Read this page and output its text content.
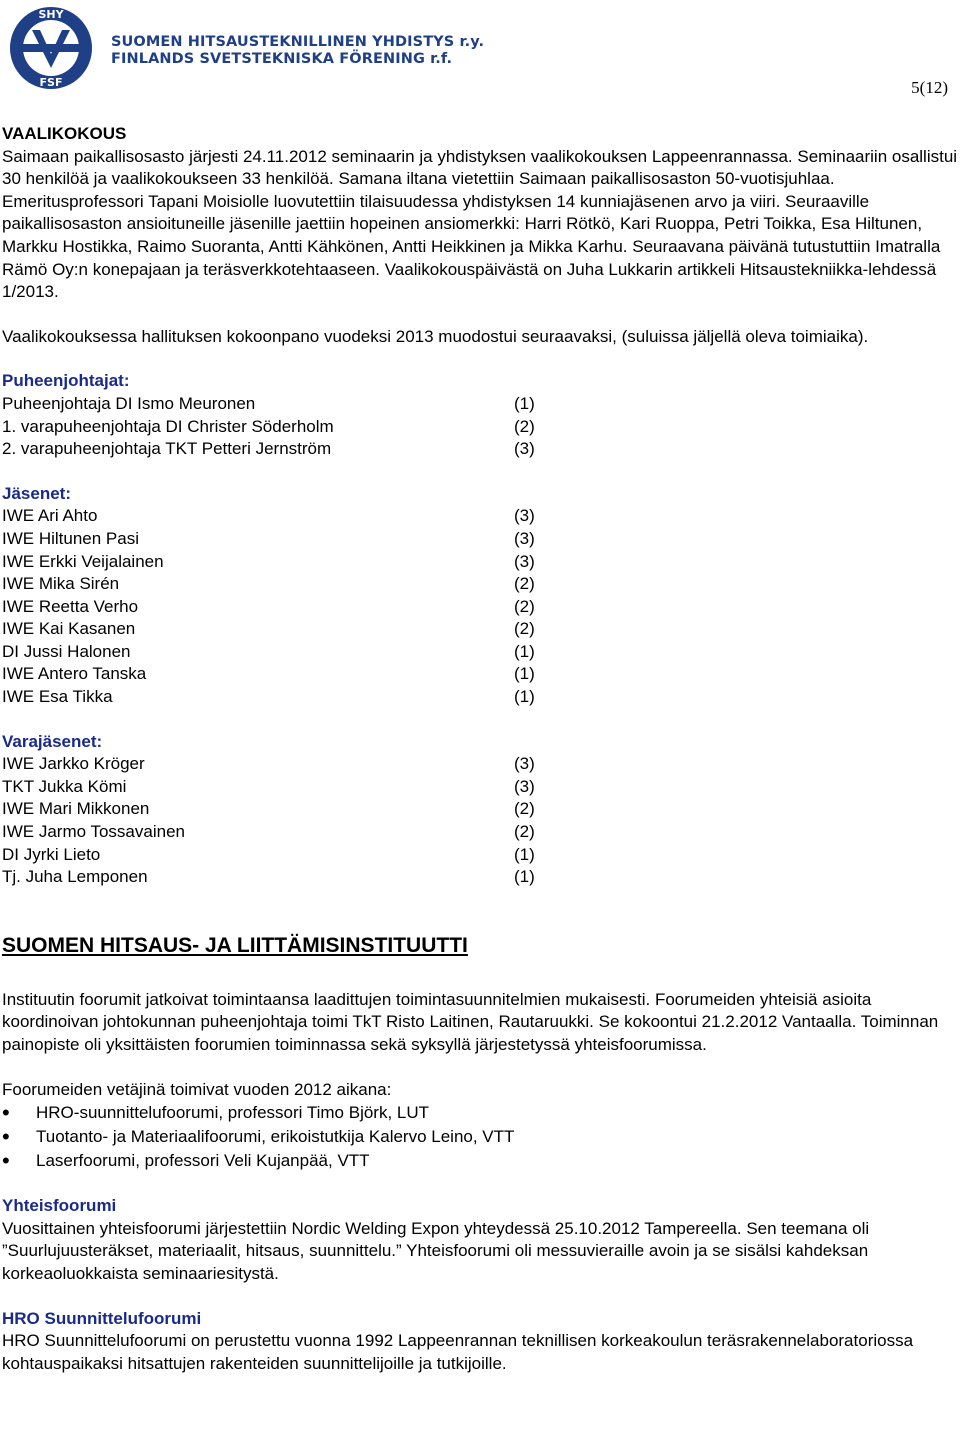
SHY
FSF
SUOMEN HITSAUSTEKNILLINEN YHDISTYS r.y.
FINLANDS SVETSTEKNISKA FÖRENING r.f.
5(12)

VAALIKOKOUS

Saimaan paikallisosasto järjesti 24.11.2012 seminaarin ja yhdistyksen vaalikokouksen Lappeenrannassa. Seminaariin osallistui 30 henkilöä ja vaalikokoukseen 33 henkilöä. Samana iltana vietettiin Saimaan paikallisosaston 50-vuotisjuhlaa. Emeritusprofessori Tapani Moisiolle luovutettiin tilaisuudessa yhdistyksen 14 kunniajäsenen arvo ja viiri. Seuraaville paikallisosaston ansioituneille jäsenille jaettiin hopeinen ansiomerkki: Harri Rötkö, Kari Ruoppa, Petri Toikka, Esa Hiltunen, Markku Hostikka, Raimo Suoranta, Antti Kähkönen, Antti Heikkinen ja Mikka Karhu. Seuraavana päivänä tutustuttiin Imatralla Rämö Oy:n konepajaan ja teräsverkkotehtaaseen. Vaalikokouspäivästä on Juha Lukkarin artikkeli Hitsaustekniikka-lehdessä 1/2013.

Vaalikokouksessa hallituksen kokoonpano vuodeksi 2013 muodostui seuraavaksi, (suluissa jäljellä oleva toimiaika).

Puheenjohtajat:

Puheenjohtaja DI Ismo Meuronen	(1)
1. varapuheenjohtaja DI Christer Söderholm	(2)
2. varapuheenjohtaja TKT Petteri Jernström	(3)

Jäsenet:

IWE Ari Ahto	(3)
IWE Hiltunen Pasi	(3)
IWE Erkki Veijalainen	(3)
IWE Mika Sirén	(2)
IWE Reetta Verho	(2)
IWE Kai Kasanen	(2)
DI Jussi Halonen	(1)
IWE Antero Tanska	(1)
IWE Esa Tikka	(1)

Varajäsenet:

IWE Jarkko Kröger	(3)
TKT Jukka Kömi	(3)
IWE Mari Mikkonen	(2)
IWE Jarmo Tossavainen	(2)
DI Jyrki Lieto	(1)
Tj. Juha Lemponen	(1)

SUOMEN HITSAUS- JA LIITTÄMISINSTITUUTTI

Instituutin foorumit jatkoivat toimintaansa laadittujen toimintasuunnitelmien mukaisesti. Foorumeiden yhteisiä asioita koordinoivan johtokunnan puheenjohtaja toimi TkT Risto Laitinen, Rautaruukki. Se kokoontui 21.2.2012 Vantaalla. Toiminnan painopiste oli yksittäisten foorumien toiminnassa sekä syksyllä järjestetyssä yhteisfoorumissa.

Foorumeiden vetäjinä toimivat vuoden 2012 aikana:

• HRO-suunnittelufoorumi, professori Timo Björk, LUT
• Tuotanto- ja Materiaalifoorumi, erikoistutkija Kalervo Leino, VTT
• Laserfoorumi, professori Veli Kujanpää, VTT

Yhteisfoorumi

Vuosittainen yhteisfoorumi järjestettiin Nordic Welding Expon yhteydessä 25.10.2012 Tampereella. Sen teemana oli ”Suurlujuusteräkset, materiaalit, hitsaus, suunnittelu.” Yhteisfoorumi oli messuvieraille avoin ja se sisälsi kahdeksan korkeaoluokkaista seminaariesitystä.

HRO Suunnittelufoorumi

HRO Suunnittelufoorumi on perustettu vuonna 1992 Lappeenrannan teknillisen korkeakoulun teräsrakennelaboratoriossa kohtauspaikaksi hitsattujen rakenteiden suunnittelijoille ja tutkijoille.
